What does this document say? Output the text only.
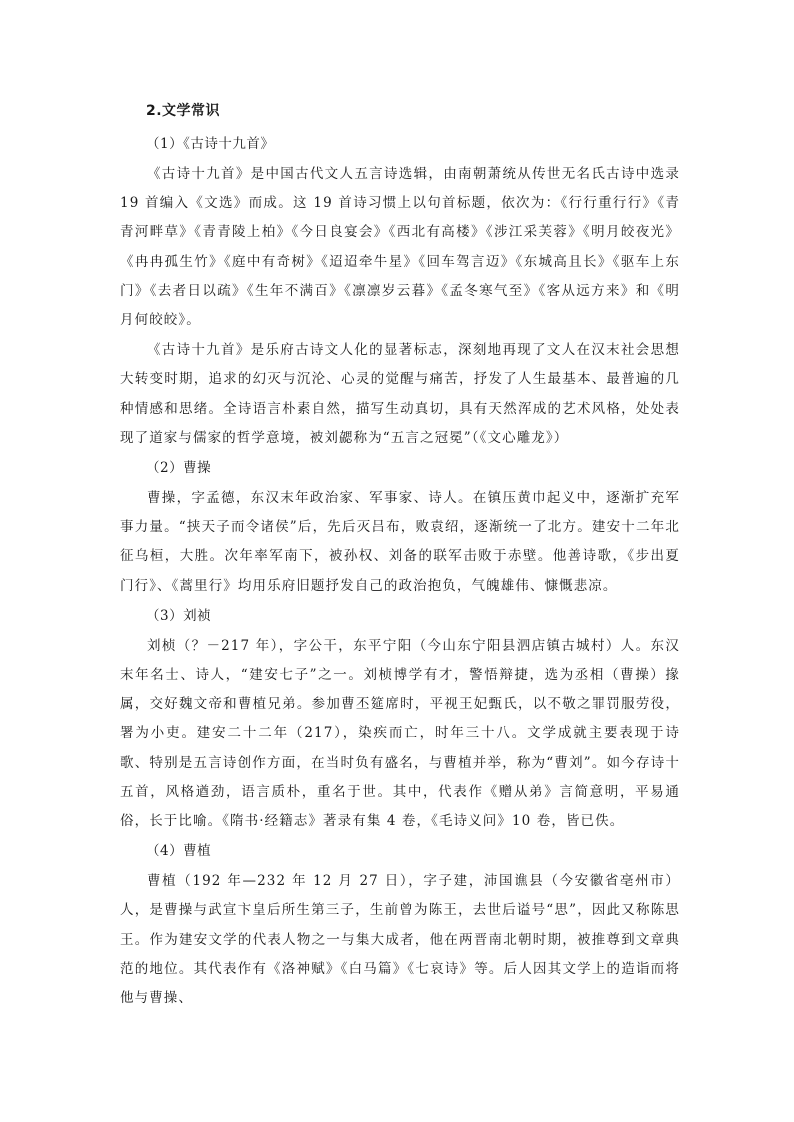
2.文学常识
（1）《古诗十九首》

《古诗十九首》是中国古代文人五言诗选辑，由南朝萧统从传世无名氏古诗中选录 19 首编入《文选》而成。这 19 首诗习惯上以句首标题，依次为：《行行重行行》《青青河畔草》《青青陵上柏》《今日良宴会》《西北有高楼》《涉江采芙蓉》《明月皎夜光》《冉冉孤生竹》《庭中有奇树》《迢迢牵牛星》《回车驾言迈》《东城高且长》《驱车上东门》《去者日以疏》《生年不满百》《凛凛岁云暮》《孟冬寒气至》《客从远方来》和《明月何皎皎》。

《古诗十九首》是乐府古诗文人化的显著标志，深刻地再现了文人在汉末社会思想大转变时期，追求的幻灭与沉沦、心灵的觉醒与痛苦，抒发了人生最基本、最普遍的几种情感和思绪。全诗语言朴素自然，描写生动真切，具有天然浑成的艺术风格，处处表现了道家与儒家的哲学意境，被刘勰称为“五言之冠冕”（《文心雕龙》）

（2）曹操

曹操，字孟德，东汉末年政治家、军事家、诗人。在镇压黄巾起义中，逐渐扩充军事力量。“挟天子而令诸侯”后，先后灭吕布，败袁绍，逐渐统一了北方。建安十二年北征乌桓，大胜。次年率军南下，被孙权、刘备的联军击败于赤壁。他善诗歌，《步出夏门行》、《蒿里行》均用乐府旧题抒发自己的政治抱负，气魄雄伟、慷慨悲凉。

（3）刘祯

刘桢（？－217 年），字公干，东平宁阳（今山东宁阳县泗店镇古城村）人。东汉末年名士、诗人，“建安七子”之一。刘桢博学有才，警悟辩捷，选为丞相（曹操）掾属，交好魏文帝和曹植兄弟。参加曹丕筵席时，平视王妃甄氏，以不敬之罪罚服劳役，署为小吏。建安二十二年（217），染疾而亡，时年三十八。文学成就主要表现于诗歌、特别是五言诗创作方面，在当时负有盛名，与曹植并举，称为“曹刘”。如今存诗十五首，风格遒劲，语言质朴，重名于世。其中，代表作《赠从弟》言简意明，平易通俗，长于比喻。《隋书·经籍志》著录有集 4 卷，《毛诗义问》10 卷，皆已佚。

（4）曹植

曹植（192 年—232 年 12 月 27 日），字子建，沛国谯县（今安徽省亳州市）人，是曹操与武宣卞皇后所生第三子，生前曾为陈王，去世后谥号“思”，因此又称陈思王。作为建安文学的代表人物之一与集大成者，他在两晋南北朝时期，被推尊到文章典范的地位。其代表作有《洛神赋》《白马篇》《七哀诗》等。后人因其文学上的造诣而将他与曹操、
